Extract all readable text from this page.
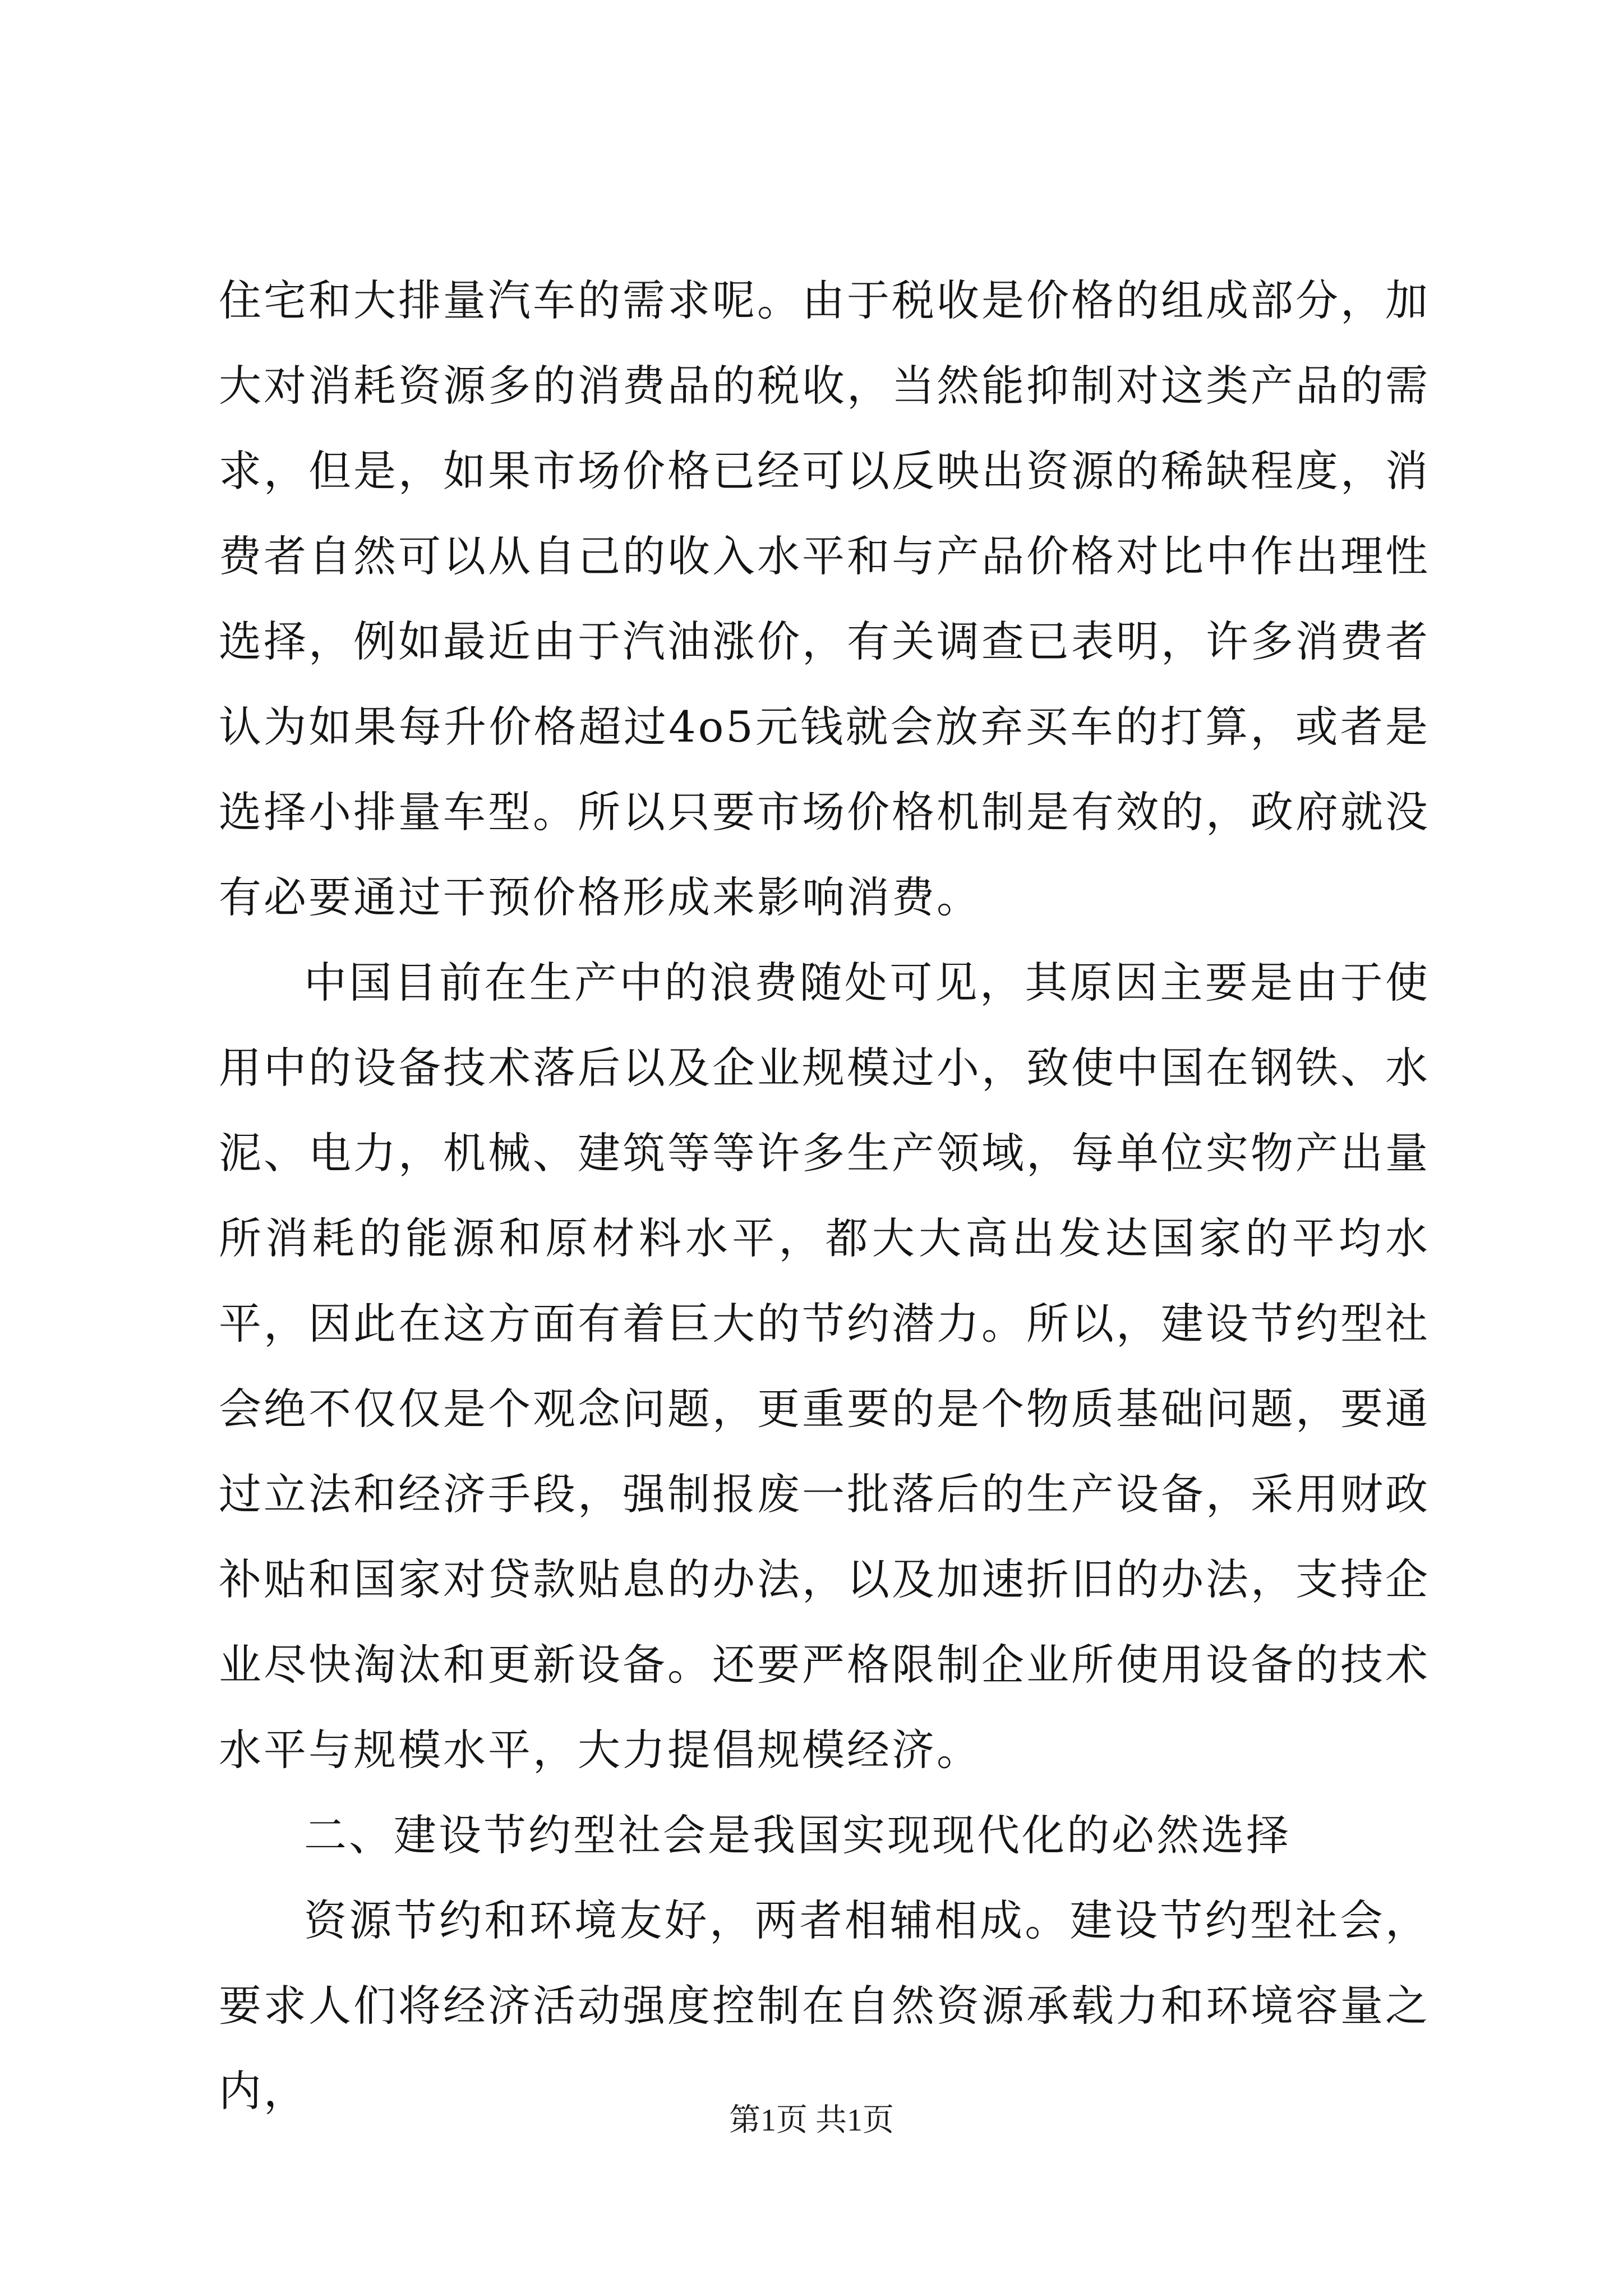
住宅和大排量汽车的需求呢。由于税收是价格的组成部分，加大对消耗资源多的消费品的税收，当然能抑制对这类产品的需求，但是，如果市场价格已经可以反映出资源的稀缺程度，消费者自然可以从自己的收入水平和与产品价格对比中作出理性选择，例如最近由于汽油涨价，有关调查已表明，许多消费者认为如果每升价格超过4o5元钱就会放弃买车的打算，或者是选择小排量车型。所以只要市场价格机制是有效的，政府就没有必要通过干预价格形成来影响消费。

中国目前在生产中的浪费随处可见，其原因主要是由于使用中的设备技术落后以及企业规模过小，致使中国在钢铁、水泥、电力，机械、建筑等等许多生产领域，每单位实物产出量所消耗的能源和原材料水平，都大大高出发达国家的平均水平，因此在这方面有着巨大的节约潜力。所以，建设节约型社会绝不仅仅是个观念问题，更重要的是个物质基础问题，要通过立法和经济手段，强制报废一批落后的生产设备，采用财政补贴和国家对贷款贴息的办法，以及加速折旧的办法，支持企业尽快淘汰和更新设备。还要严格限制企业所使用设备的技术水平与规模水平，大力提倡规模经济。

二、建设节约型社会是我国实现现代化的必然选择

资源节约和环境友好，两者相辅相成。建设节约型社会，要求人们将经济活动强度控制在自然资源承载力和环境容量之内，

第1页 共1页
